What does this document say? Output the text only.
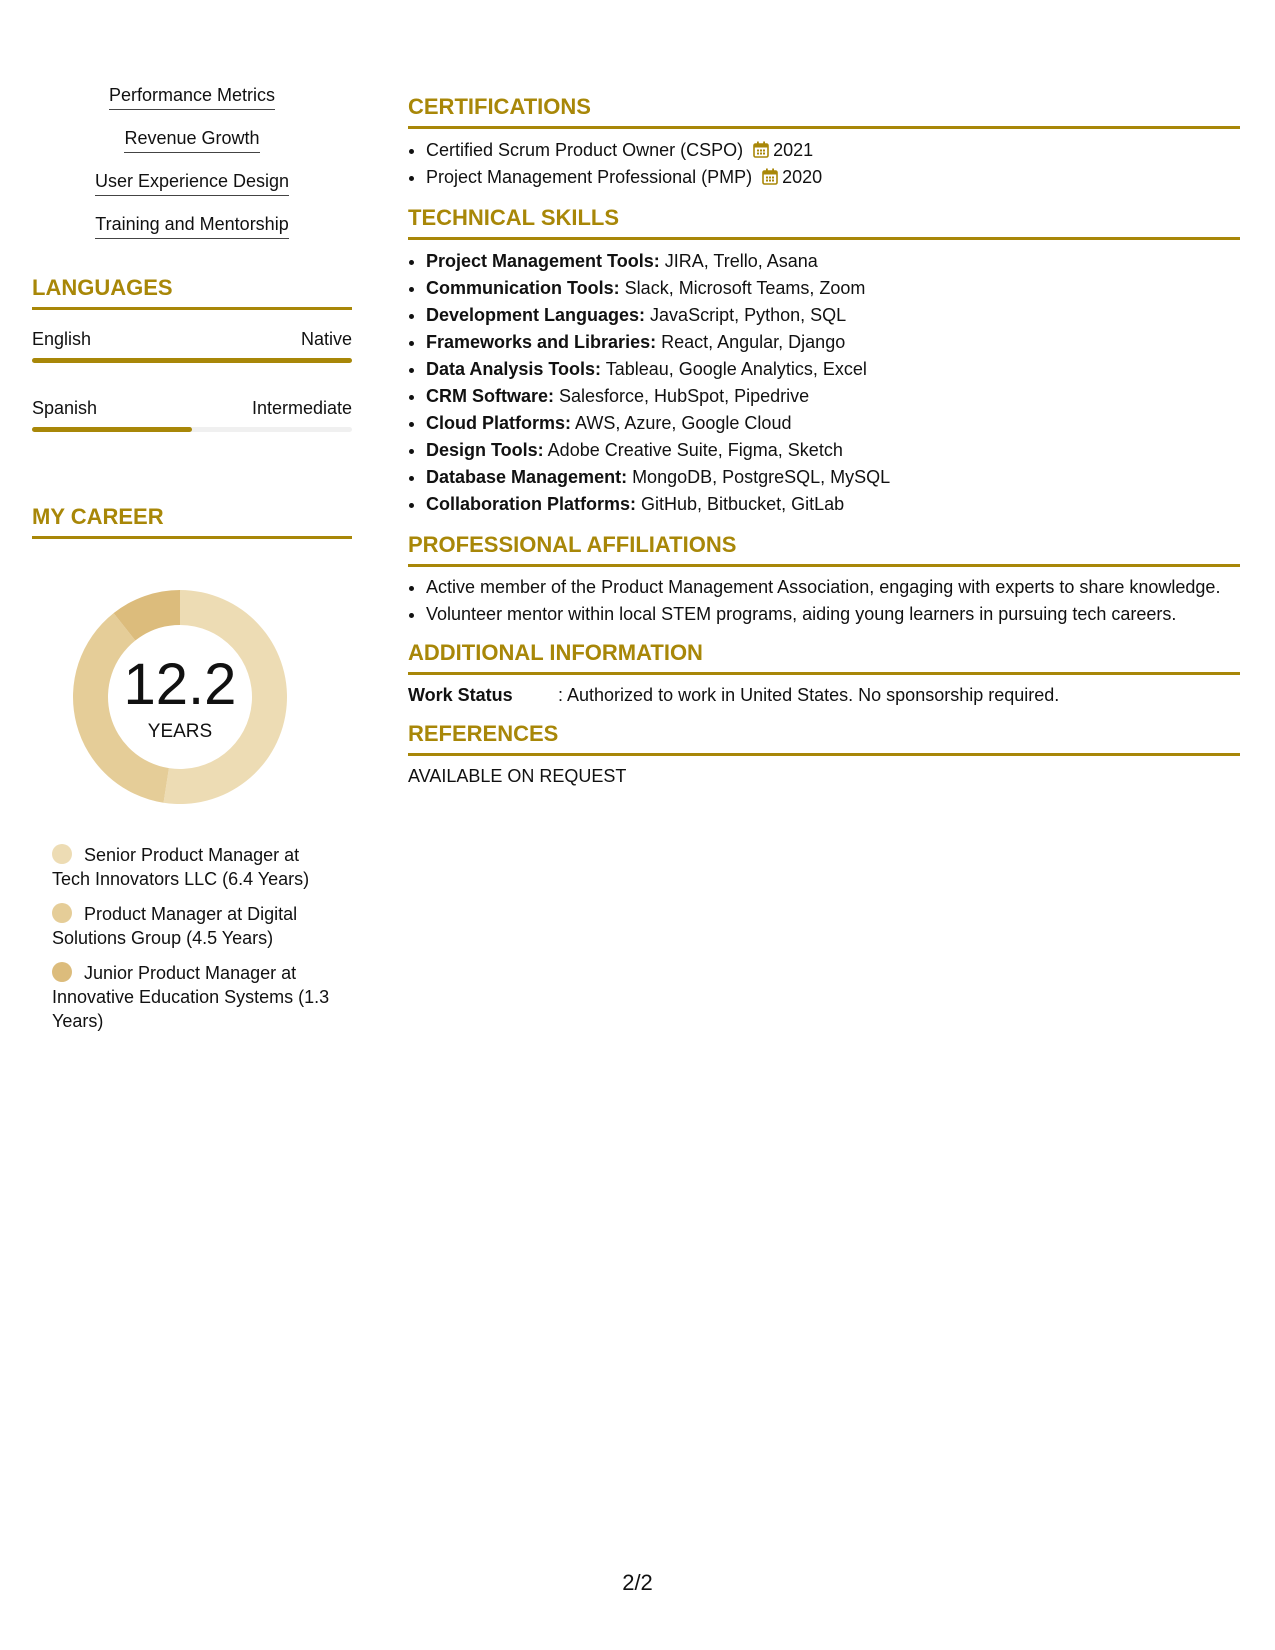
Performance Metrics
Revenue Growth
User Experience Design
Training and Mentorship
LANGUAGES
English	Native
Spanish	Intermediate
MY CAREER
12.2
YEARS
Senior Product Manager at Tech Innovators LLC (6.4 Years)
Product Manager at Digital Solutions Group (4.5 Years)
Junior Product Manager at Innovative Education Systems (1.3 Years)
CERTIFICATIONS
• Certified Scrum Product Owner (CSPO) 2021
• Project Management Professional (PMP) 2020
TECHNICAL SKILLS
• Project Management Tools: JIRA, Trello, Asana
• Communication Tools: Slack, Microsoft Teams, Zoom
• Development Languages: JavaScript, Python, SQL
• Frameworks and Libraries: React, Angular, Django
• Data Analysis Tools: Tableau, Google Analytics, Excel
• CRM Software: Salesforce, HubSpot, Pipedrive
• Cloud Platforms: AWS, Azure, Google Cloud
• Design Tools: Adobe Creative Suite, Figma, Sketch
• Database Management: MongoDB, PostgreSQL, MySQL
• Collaboration Platforms: GitHub, Bitbucket, GitLab
PROFESSIONAL AFFILIATIONS
• Active member of the Product Management Association, engaging with experts to share knowledge.
• Volunteer mentor within local STEM programs, aiding young learners in pursuing tech careers.
ADDITIONAL INFORMATION
Work Status	: Authorized to work in United States. No sponsorship required.
REFERENCES

AVAILABLE ON REQUEST

2/2
